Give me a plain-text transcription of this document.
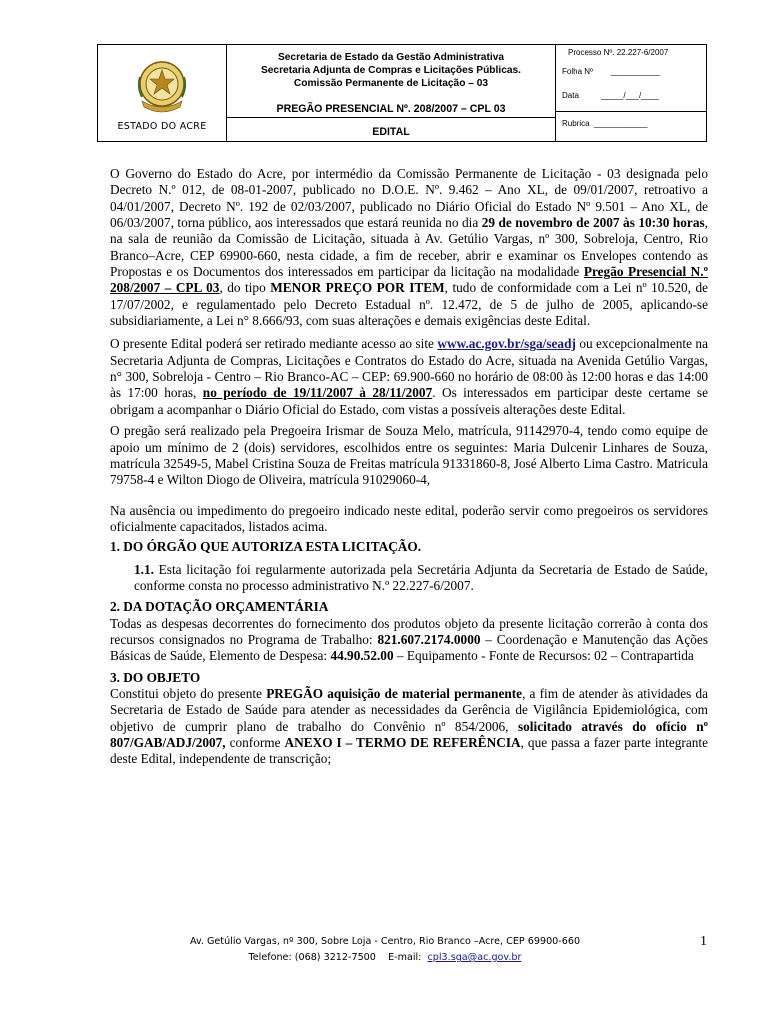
ESTADO DO ACRE
Secretaria de Estado da Gestão Administrativa
Secretaria Adjunta de Compras e Licitações Públicas.
Comissão Permanente de Licitação – 03
PREGÃO PRESENCIAL Nº. 208/2007 – CPL 03
EDITAL
Processo Nº. 22.227-6/2007
Folha Nº ___________
Data	_____/___/____
Rubrica ____________

O Governo do Estado do Acre, por intermédio da Comissão Permanente de Licitação - 03 designada pelo Decreto N.º 012, de 08-01-2007, publicado no D.O.E. Nº. 9.462 – Ano XL, de 09/01/2007, retroativo a 04/01/2007, Decreto Nº. 192 de 02/03/2007, publicado no Diário Oficial do Estado Nº 9.501 – Ano XL, de 06/03/2007, torna público, aos interessados que estará reunida no dia 29 de novembro de 2007 às 10:30 horas, na sala de reunião da Comissão de Licitação, situada à Av. Getúlio Vargas, nº 300, Sobreloja, Centro, Rio Branco–Acre, CEP 69900-660, nesta cidade, a fim de receber, abrir e examinar os Envelopes contendo as Propostas e os Documentos dos interessados em participar da licitação na modalidade Pregão Presencial N.º 208/2007 – CPL 03, do tipo MENOR PREÇO POR ITEM, tudo de conformidade com a Lei nº 10.520, de 17/07/2002, e regulamentado pelo Decreto Estadual nº. 12.472, de 5 de julho de 2005, aplicando-se subsidiariamente, a Lei n° 8.666/93, com suas alterações e demais exigências deste Edital.

O presente Edital poderá ser retirado mediante acesso ao site www.ac.gov.br/sga/seadj ou excepcionalmente na Secretaria Adjunta de Compras, Licitações e Contratos do Estado do Acre, situada na Avenida Getúlio Vargas, n° 300, Sobreloja - Centro – Rio Branco-AC – CEP: 69.900-660 no horário de 08:00 às 12:00 horas e das 14:00 às 17:00 horas, no período de 19/11/2007 à 28/11/2007. Os interessados em participar deste certame se obrigam a acompanhar o Diário Oficial do Estado, com vistas a possíveis alterações deste Edital.

O pregão será realizado pela Pregoeira Irismar de Souza Melo, matrícula, 91142970-4, tendo como equipe de apoio um mínimo de 2 (dois) servidores, escolhidos entre os seguintes: Maria Dulcenir Linhares de Souza, matrícula 32549-5, Mabel Cristina Souza de Freitas matrícula 91331860-8, José Alberto Lima Castro. Matricula 79758-4 e Wilton Diogo de Oliveira, matrícula 91029060-4,

Na ausência ou impedimento do pregoeiro indicado neste edital, poderão servir como pregoeiros os servidores oficialmente capacitados, listados acima.

1. DO ÓRGÃO QUE AUTORIZA ESTA LICITAÇÃO.

1.1. Esta licitação foi regularmente autorizada pela Secretária Adjunta da Secretaria de Estado de Saúde, conforme consta no processo administrativo N.º 22.227-6/2007.

2. DA DOTAÇÃO ORÇAMENTÁRIA

Todas as despesas decorrentes do fornecimento dos produtos objeto da presente licitação correrão à conta dos recursos consignados no Programa de Trabalho: 821.607.2174.0000 – Coordenação e Manutenção das Ações Básicas de Saúde, Elemento de Despesa: 44.90.52.00 – Equipamento - Fonte de Recursos: 02 – Contrapartida

3. DO OBJETO

Constitui objeto do presente PREGÃO aquisição de material permanente, a fim de atender às atividades da Secretaria de Estado de Saúde para atender as necessidades da Gerência de Vigilância Epidemiológica, com objetivo de cumprir plano de trabalho do Convênio nº 854/2006, solicitado através do ofício nº 807/GAB/ADJ/2007, conforme ANEXO I – TERMO DE REFERÊNCIA, que passa a fazer parte integrante deste Edital, independente de transcrição;

Av. Getúlio Vargas, nº 300, Sobre Loja - Centro, Rio Branco –Acre, CEP 69900-660
Telefone: (068) 3212-7500 E-mail: cpl3.sga@ac.gov.br
1
